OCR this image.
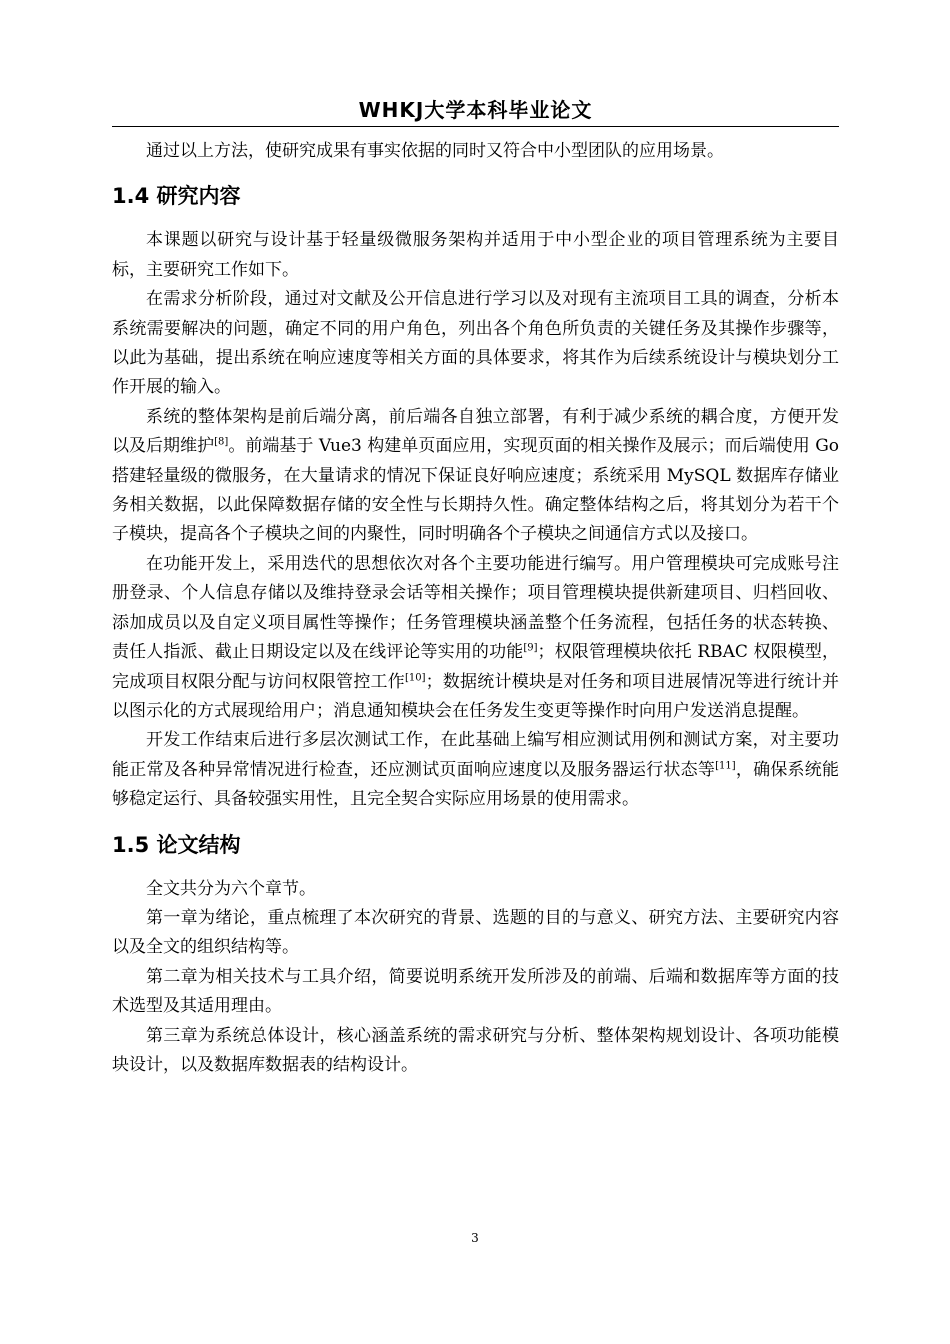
WHKJ大学本科毕业论文

通过以上方法，使研究成果有事实依据的同时又符合中小型团队的应用场景。

1.4 研究内容

本课题以研究与设计基于轻量级微服务架构并适用于中小型企业的项目管理系统为主要目标，主要研究工作如下。

在需求分析阶段，通过对文献及公开信息进行学习以及对现有主流项目工具的调查，分析本系统需要解决的问题，确定不同的用户角色，列出各个角色所负责的关键任务及其操作步骤等，以此为基础，提出系统在响应速度等相关方面的具体要求，将其作为后续系统设计与模块划分工作开展的输入。

系统的整体架构是前后端分离，前后端各自独立部署，有利于减少系统的耦合度，方便开发以及后期维护[8]。前端基于 Vue3 构建单页面应用，实现页面的相关操作及展示；而后端使用 Go 搭建轻量级的微服务，在大量请求的情况下保证良好响应速度；系统采用 MySQL 数据库存储业务相关数据，以此保障数据存储的安全性与长期持久性。确定整体结构之后，将其划分为若干个子模块，提高各个子模块之间的内聚性，同时明确各个子模块之间通信方式以及接口。

在功能开发上，采用迭代的思想依次对各个主要功能进行编写。用户管理模块可完成账号注册登录、个人信息存储以及维持登录会话等相关操作；项目管理模块提供新建项目、归档回收、添加成员以及自定义项目属性等操作；任务管理模块涵盖整个任务流程，包括任务的状态转换、责任人指派、截止日期设定以及在线评论等实用的功能[9]；权限管理模块依托 RBAC 权限模型，完成项目权限分配与访问权限管控工作[10]；数据统计模块是对任务和项目进展情况等进行统计并以图示化的方式展现给用户；消息通知模块会在任务发生变更等操作时向用户发送消息提醒。

开发工作结束后进行多层次测试工作，在此基础上编写相应测试用例和测试方案，对主要功能正常及各种异常情况进行检查，还应测试页面响应速度以及服务器运行状态等[11]，确保系统能够稳定运行、具备较强实用性，且完全契合实际应用场景的使用需求。

1.5 论文结构

全文共分为六个章节。

第一章为绪论，重点梳理了本次研究的背景、选题的目的与意义、研究方法、主要研究内容以及全文的组织结构等。

第二章为相关技术与工具介绍，简要说明系统开发所涉及的前端、后端和数据库等方面的技术选型及其适用理由。

第三章为系统总体设计，核心涵盖系统的需求研究与分析、整体架构规划设计、各项功能模块设计，以及数据库数据表的结构设计。

3
